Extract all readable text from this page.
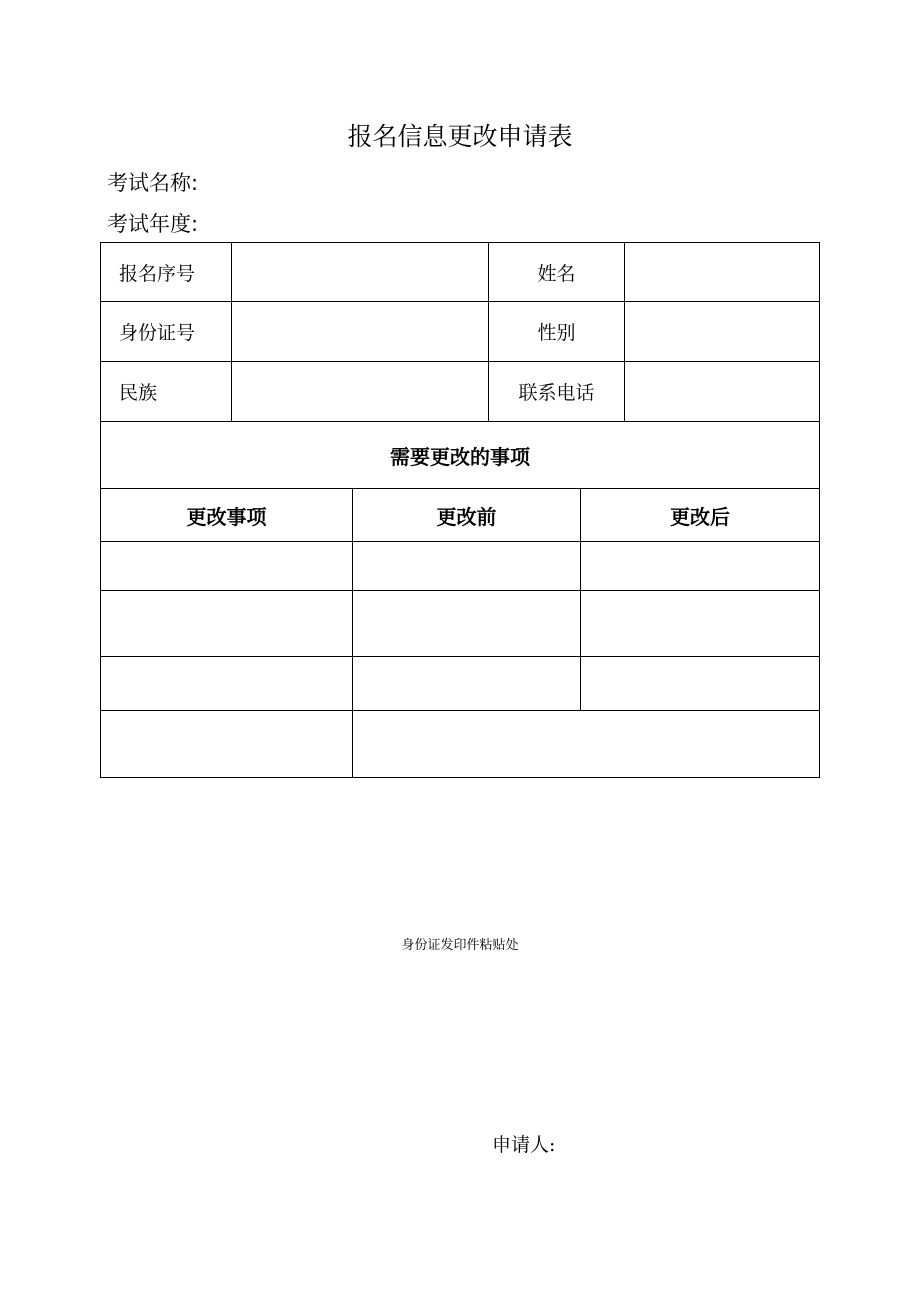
报名信息更改申请表
考试名称:
考试年度:
报名序号		姓名	
身份证号		性别	
民族		联系电话	
需要更改的事项			
更改事项	更改前	更改后

身份证发印件粘贴处
申请人:
